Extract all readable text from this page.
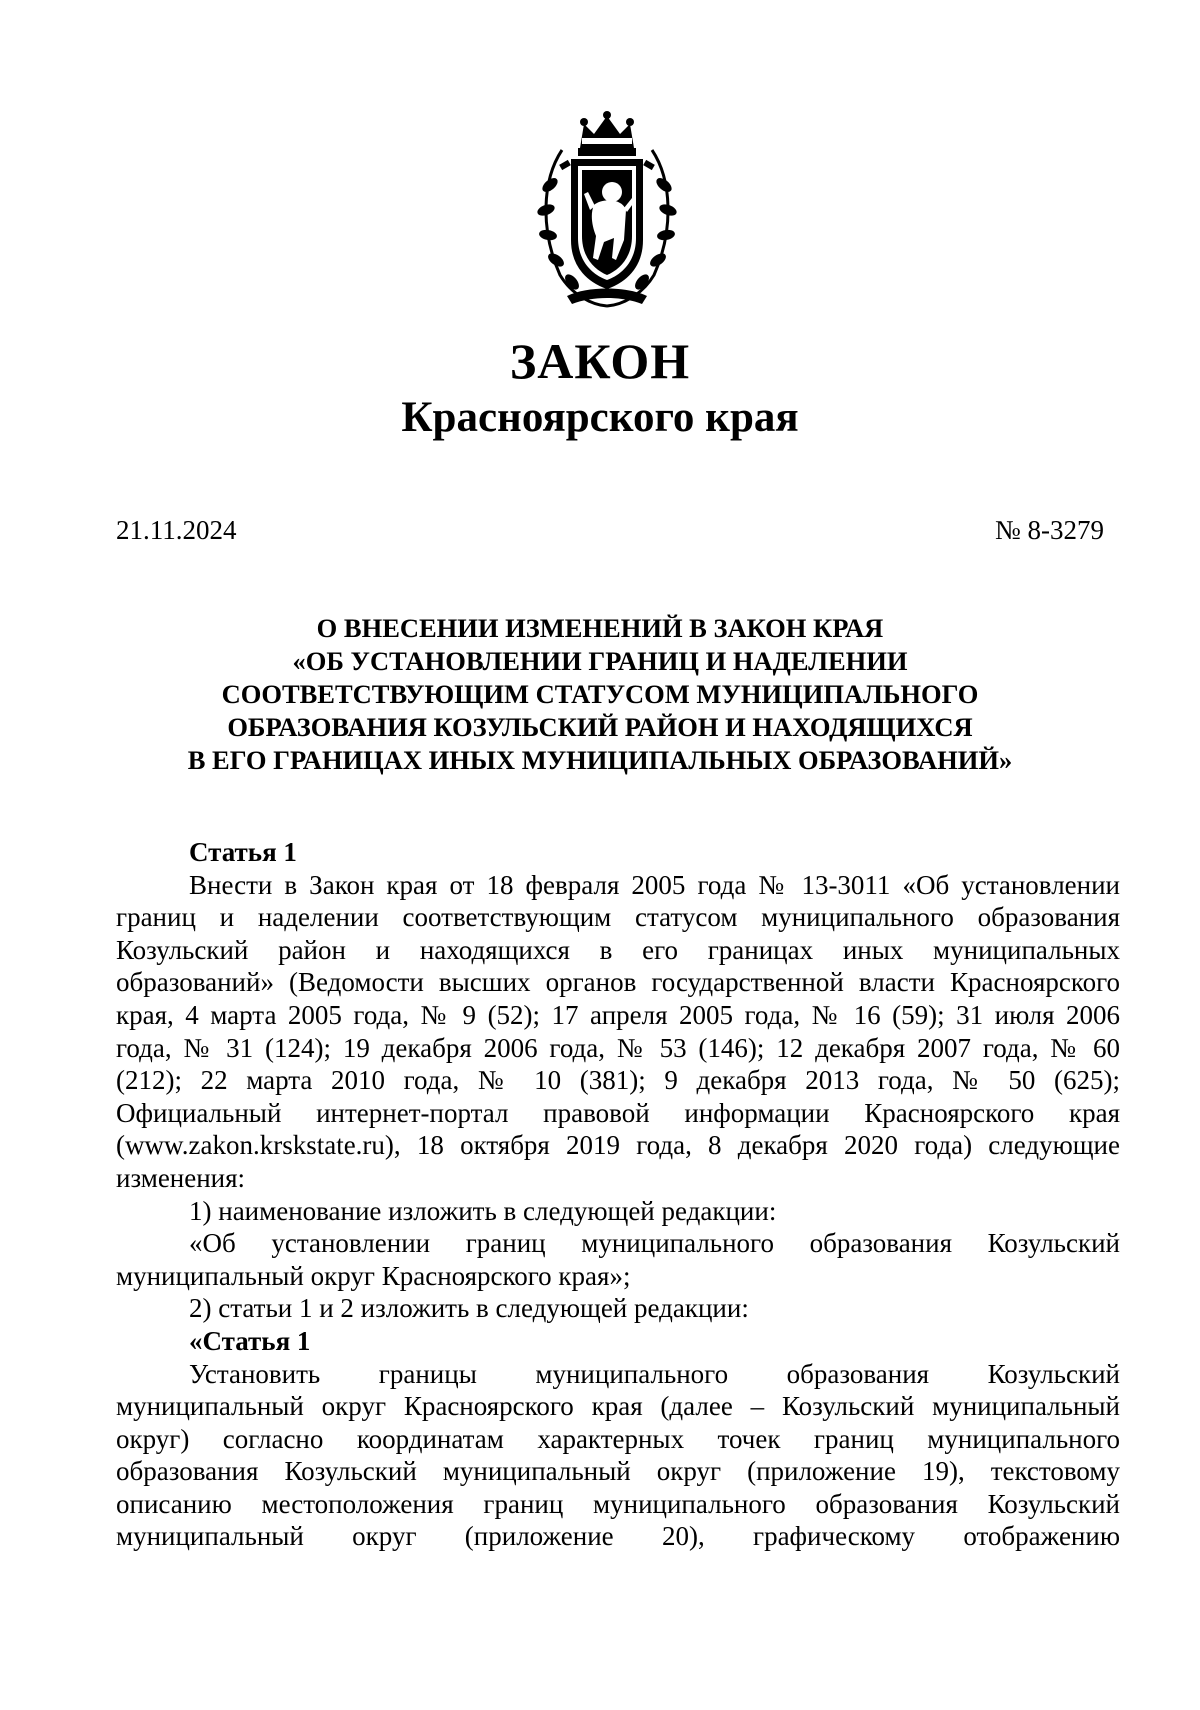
ЗАКОН
Красноярского края
21.11.2024	№ 8-3279
О ВНЕСЕНИИ ИЗМЕНЕНИЙ В ЗАКОН КРАЯ
«ОБ УСТАНОВЛЕНИИ ГРАНИЦ И НАДЕЛЕНИИ
СООТВЕТСТВУЮЩИМ СТАТУСОМ МУНИЦИПАЛЬНОГО
ОБРАЗОВАНИЯ КОЗУЛЬСКИЙ РАЙОН И НАХОДЯЩИХСЯ
В ЕГО ГРАНИЦАХ ИНЫХ МУНИЦИПАЛЬНЫХ ОБРАЗОВАНИЙ»
Статья 1
Внести в Закон края от 18 февраля 2005 года № 13-3011 «Об установлении
границ и наделении соответствующим статусом муниципального образования
Козульский район и находящихся в его границах иных муниципальных
образований» (Ведомости высших органов государственной власти Красноярского
края, 4 марта 2005 года, № 9 (52); 17 апреля 2005 года, № 16 (59); 31 июля 2006
года, № 31 (124); 19 декабря 2006 года, № 53 (146); 12 декабря 2007 года, № 60
(212); 22 марта 2010 года, № 10 (381); 9 декабря 2013 года, № 50 (625);
Официальный интернет-портал правовой информации Красноярского края
(www.zakon.krskstate.ru), 18 октября 2019 года, 8 декабря 2020 года) следующие
изменения:
1) наименование изложить в следующей редакции:
«Об установлении границ муниципального образования Козульский
муниципальный округ Красноярского края»;
2) статьи 1 и 2 изложить в следующей редакции:
«Статья 1
Установить границы муниципального образования Козульский
муниципальный округ Красноярского края (далее – Козульский муниципальный
округ) согласно координатам характерных точек границ муниципального
образования Козульский муниципальный округ (приложение 19), текстовому
описанию местоположения границ муниципального образования Козульский
муниципальный округ (приложение 20), графическому отображению
